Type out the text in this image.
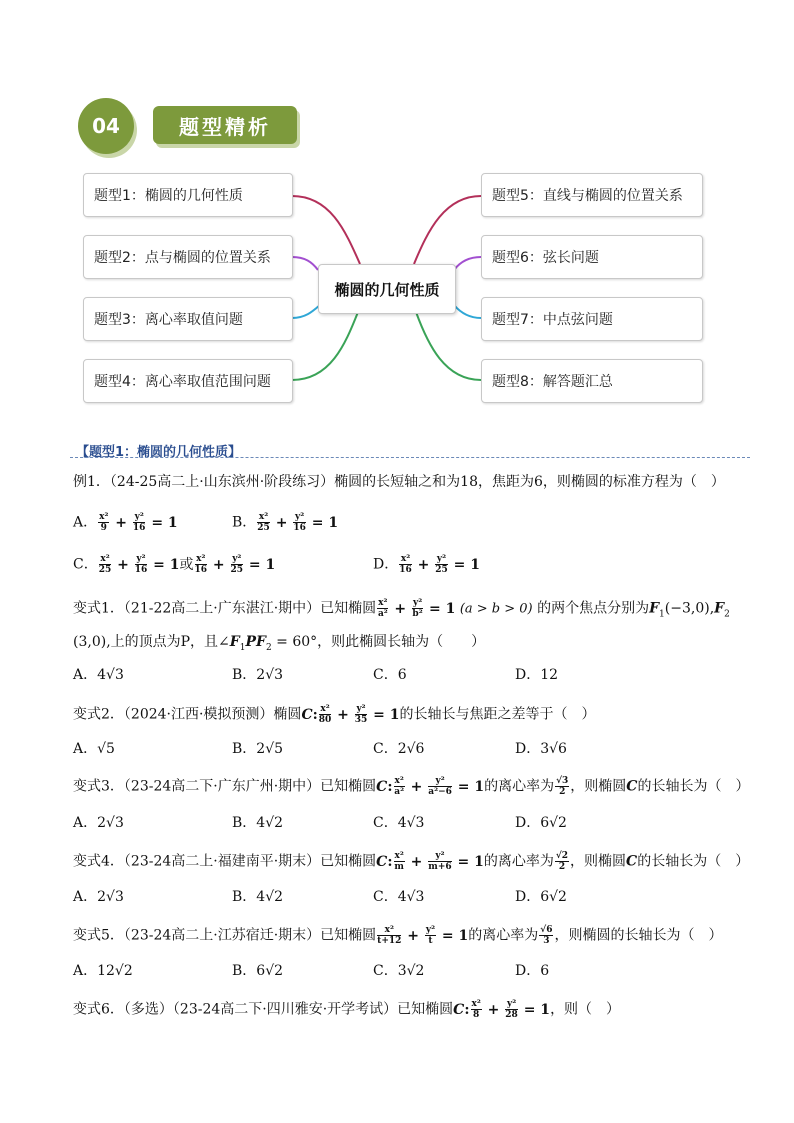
04	题型精析
题型1：椭圆的几何性质
题型2：点与椭圆的位置关系
题型3：离心率取值问题
题型4：离心率取值范围问题
椭圆的几何性质
题型5：直线与椭圆的位置关系
题型6：弦长问题
题型7：中点弦问题
题型8：解答题汇总
【题型1：椭圆的几何性质】
例1．（24-25高二上·山东滨州·阶段练习）椭圆的长短轴之和为18，焦距为6，则椭圆的标准方程为（　）
A． $\frac{\text{x²}}{9} + \frac{\text{y²}}{16} = 1$	B． $\frac{\text{x²}}{25} + \frac{\text{y²}}{16} = 1$
C． $\frac{\text{x²}}{25} + \frac{\text{y²}}{16} = 1$或 $\frac{\text{x²}}{16} + \frac{\text{y²}}{25} = 1$	D． $\frac{\text{x²}}{16} + \frac{\text{y²}}{25} = 1$
变式1．（21-22高二上·广东湛江·期中）已知椭圆 $\frac{\text{x²}}{\text{a²}} + \frac{\text{y²}}{\text{b²}} = 1$ (a > b > 0) 的两个焦点分别为$F_1(-3,0),F_2$
(3,0),上的顶点为P，且$\angle F_1PF_2 = 60^\circ$，则此椭圆长轴为（　　）
A．4√3	B．2√3	C．6	D．12
变式2．（2024·江西·模拟预测）椭圆C: $\frac{\text{x²}}{80} + \frac{\text{y²}}{35} = 1$的长轴长与焦距之差等于（　）
A．√5	B．2√5	C．2√6	D．3√6
变式3．（23-24高二下·广东广州·期中）已知椭圆C: $\frac{\text{x²}}{\text{a²}} + \frac{\text{y²}}{\text{a²−6}} = 1$的离心率为 $\frac{√3}{2}$ ，则椭圆C的长轴长为（　）
A．2√3	B．4√2	C．4√3	D．6√2
变式4．（23-24高二上·福建南平·期末）已知椭圆C: $\frac{\text{x²}}{m} + \frac{\text{y²}}{m+6} = 1$的离心率为 $\frac{√2}{2}$ ，则椭圆C的长轴长为（　）
A．2√3	B．4√2	C．4√3	D．6√2
变式5．（23-24高二上·江苏宿迁·期末）已知椭圆 $\frac{\text{x²}}{t+12} + \frac{\text{y²}}{t} = 1$的离心率为 $\frac{√6}{3}$ ，则椭圆的长轴长为（　）
A．12√2	B．6√2	C．3√2	D．6
变式6．（多选）（23-24高二下·四川雅安·开学考试）已知椭圆C: $\frac{\text{x²}}{8} + \frac{\text{y²}}{28} = 1$，则（　）
